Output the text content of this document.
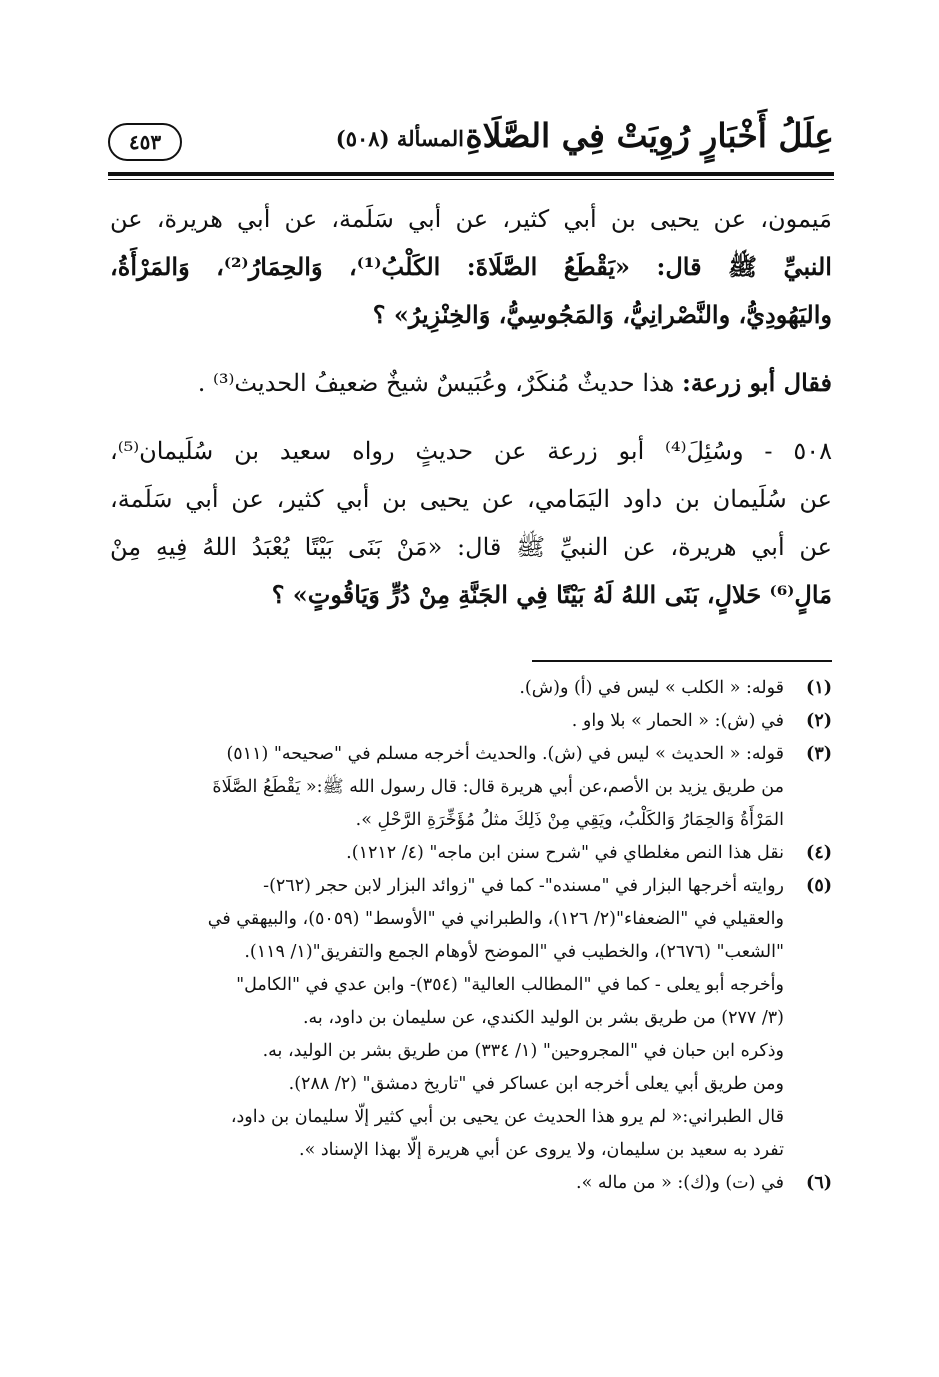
عِلَلُ أَخْبَارٍ رُوِيَتْ فِي الصَّلَاةِ
المسألة (٥٠٨)
٤٥٣
مَيمون، عن يحيى بن أبي كثير، عن أبي سَلَمة، عن أبي هريرة، عن
النبيِّ ﷺ قال: «يَقْطَعُ الصَّلَاةَ: الكَلْبُ⁽¹⁾، وَالحِمَارُ⁽²⁾، وَالمَرْأَةُ،
واليَهُودِيُّ، والنَّصْرانِيُّ، وَالمَجُوسِيُّ، وَالخِنْزِيرُ» ؟
فقال أبو زرعة: هذا حديثٌ مُنكَرٌ، وعُبَيسٌ شيخٌ ضعيفُ الحديث⁽³⁾ .
٥٠٨ - وسُئِلَ⁽⁴⁾ أبو زرعة عن حديثٍ رواه سعيد بن سُلَيمان⁽⁵⁾،
عن سُلَيمان بن داود اليَمَامي، عن يحيى بن أبي كثير، عن أبي سَلَمة،
عن أبي هريرة، عن النبيِّ ﷺ قال: «مَنْ بَنَى بَيْتًا يُعْبَدُ اللهُ فِيهِ مِنْ
مَالٍ⁽⁶⁾ حَلالٍ، بَنَى اللهُ لَهُ بَيْتًا فِي الجَنَّةِ مِنْ دُرٍّ وَيَاقُوتٍ» ؟
(١)
قوله: « الكلب » ليس في (أ) و(ش).
(٢)
في (ش): « الحمار » بلا واو .
(٣)
قوله: « الحديث » ليس في (ش). والحديث أخرجه مسلم في "صحيحه" (٥١١)
من طريق يزيد بن الأصم،عن أبي هريرة قال: قال رسول الله ﷺ:« يَقْطَعُ الصَّلَاةَ
المَرْأَةُ وَالحِمَارُ وَالكَلْبُ، ويَقِي مِنْ ذَلِكَ مثلُ مُؤَخِّرَةِ الرَّحْلِ ».
(٤)
نقل هذا النص مغلطاي في "شرح سنن ابن ماجه" (٤/ ١٢١٢).
(٥)
روايته أخرجها البزار في "مسنده"- كما في "زوائد البزار لابن حجر (٢٦٢)-
والعقيلي في "الضعفاء"(٢/ ١٢٦)، والطبراني في "الأوسط" (٥٠٥٩)، والبيهقي في
"الشعب" (٢٦٧٦)، والخطيب في "الموضح لأوهام الجمع والتفريق"(١/ ١١٩).
وأخرجه أبو يعلى - كما في "المطالب العالية" (٣٥٤)- وابن عدي في "الكامل"
(٣/ ٢٧٧) من طريق بشر بن الوليد الكندي، عن سليمان بن داود، به.
وذكره ابن حبان في "المجروحين" (١/ ٣٣٤) من طريق بشر بن الوليد، به.
ومن طريق أبي يعلى أخرجه ابن عساكر في "تاريخ دمشق" (٢/ ٢٨٨).
قال الطبراني:« لم يرو هذا الحديث عن يحيى بن أبي كثير إلّا سليمان بن داود،
تفرد به سعيد بن سليمان، ولا يروى عن أبي هريرة إلّا بهذا الإسناد ».
(٦)
في (ت) و(ك): « من ماله ».
